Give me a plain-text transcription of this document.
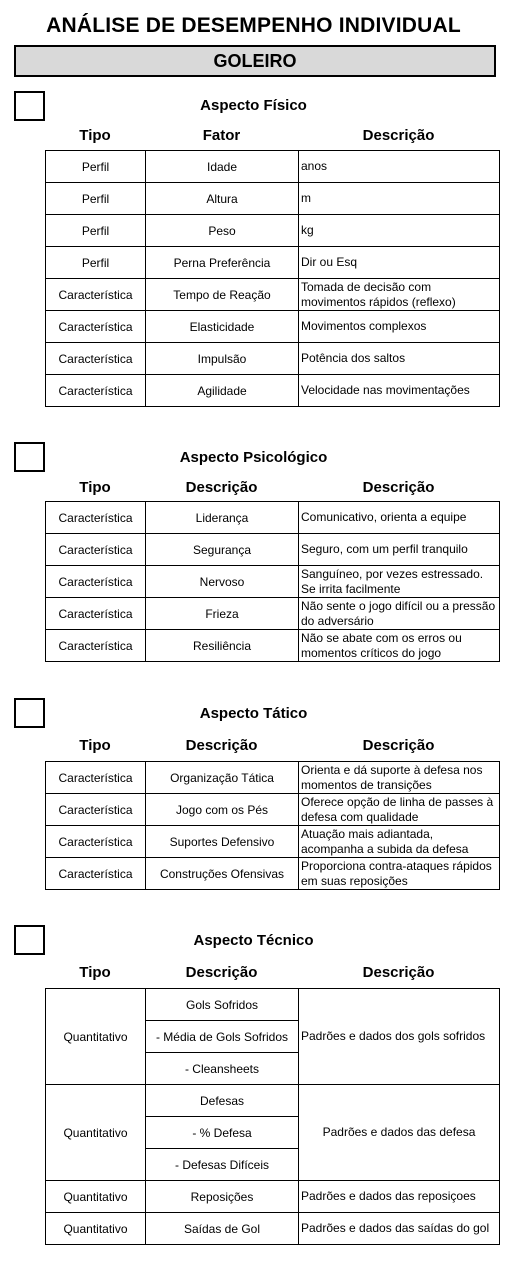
ANÁLISE DE DESEMPENHO INDIVIDUAL
GOLEIRO
Aspecto Físico
Tipo	Fator	Descrição
Perfil	Idade	anos
Perfil	Altura	m
Perfil	Peso	kg
Perfil	Perna Preferência	Dir ou Esq
Característica	Tempo de Reação	Tomada de decisão com movimentos rápidos (reflexo)
Característica	Elasticidade	Movimentos complexos
Característica	Impulsão	Potência dos saltos
Característica	Agilidade	Velocidade nas movimentações
Aspecto Psicológico
Tipo	Descrição	Descrição
Característica	Liderança	Comunicativo, orienta a equipe
Característica	Segurança	Seguro, com um perfil tranquilo
Característica	Nervoso	Sanguíneo, por vezes estressado. Se irrita facilmente
Característica	Frieza	Não sente o jogo difícil ou a pressão do adversário
Característica	Resiliência	Não se abate com os erros ou momentos críticos do jogo
Aspecto Tático
Tipo	Descrição	Descrição
Característica	Organização Tática	Orienta e dá suporte à defesa nos momentos de transições
Característica	Jogo com os Pés	Oferece opção de linha de passes à defesa com qualidade
Característica	Suportes Defensivo	Atuação mais adiantada, acompanha a subida da defesa
Característica	Construções Ofensivas	Proporciona contra-ataques rápidos em suas reposições
Aspecto Técnico
Tipo	Descrição	Descrição
Quantitativo	Gols Sofridos	Padrões e dados dos gols sofridos
	- Média de Gols Sofridos	
	- Cleansheets	
Quantitativo	Defesas	Padrões e dados das defesa
	- % Defesa	
	- Defesas Difíceis	
Quantitativo	Reposições	Padrões e dados das reposiçoes
Quantitativo	Saídas de Gol	Padrões e dados das saídas do gol
